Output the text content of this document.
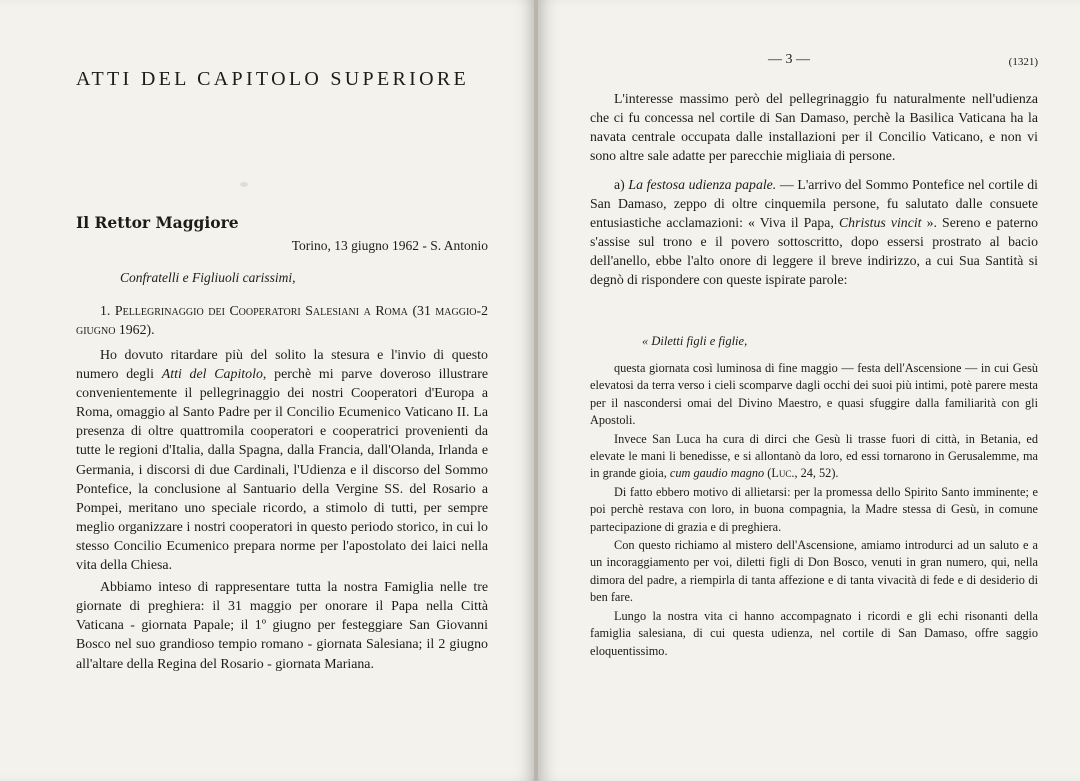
ATTI DEL CAPITOLO SUPERIORE
Il Rettor Maggiore
Torino, 13 giugno 1962 - S. Antonio
Confratelli e Figliuoli carissimi,
1. Pellegrinaggio dei Cooperatori Salesiani a Roma (31 maggio-2 giugno 1962).

Ho dovuto ritardare più del solito la stesura e l'invio di questo numero degli Atti del Capitolo, perchè mi parve doveroso illustrare convenientemente il pellegrinaggio dei nostri Cooperatori d'Europa a Roma, omaggio al Santo Padre per il Concilio Ecumenico Vaticano II. La presenza di oltre quattromila cooperatori e cooperatrici provenienti da tutte le regioni d'Italia, dalla Spagna, dalla Francia, dall'Olanda, Irlanda e Germania, i discorsi di due Cardinali, l'Udienza e il discorso del Sommo Pontefice, la conclusione al Santuario della Vergine SS. del Rosario a Pompei, meritano uno speciale ricordo, a stimolo di tutti, per sempre meglio organizzare i nostri cooperatori in questo periodo storico, in cui lo stesso Concilio Ecumenico prepara norme per l'apostolato dei laici nella vita della Chiesa.

Abbiamo inteso di rappresentare tutta la nostra Famiglia nelle tre giornate di preghiera: il 31 maggio per onorare il Papa nella Città Vaticana - giornata Papale; il 1º giugno per festeggiare San Giovanni Bosco nel suo grandioso tempio romano - giornata Salesiana; il 2 giugno all'altare della Regina del Rosario - giornata Mariana.

— 3 —	(1321)

L'interesse massimo però del pellegrinaggio fu naturalmente nell'udienza che ci fu concessa nel cortile di San Damaso, perchè la Basilica Vaticana ha la navata centrale occupata dalle installazioni per il Concilio Vaticano, e non vi sono altre sale adatte per parecchie migliaia di persone.

a) La festosa udienza papale. — L'arrivo del Sommo Pontefice nel cortile di San Damaso, zeppo di oltre cinquemila persone, fu salutato dalle consuete entusiastiche acclamazioni: « Viva il Papa, Christus vincit ». Sereno e paterno s'assise sul trono e il povero sottoscritto, dopo essersi prostrato al bacio dell'anello, ebbe l'alto onore di leggere il breve indirizzo, a cui Sua Santità si degnò di rispondere con queste ispirate parole:

« Diletti figli e figlie,

questa giornata così luminosa di fine maggio — festa dell'Ascensione — in cui Gesù elevatosi da terra verso i cieli scomparve dagli occhi dei suoi più intimi, potè parere mesta per il nascondersi omai del Divino Maestro, e quasi sfuggire dalla familiarità con gli Apostoli.

Invece San Luca ha cura di dirci che Gesù li trasse fuori di città, in Betania, ed elevate le mani li benedisse, e si allontanò da loro, ed essi tornarono in Gerusalemme, ma in grande gioia, cum gaudio magno (Luc., 24, 52).

Di fatto ebbero motivo di allietarsi: per la promessa dello Spirito Santo imminente; e poi perchè restava con loro, in buona compagnia, la Madre stessa di Gesù, in comune partecipazione di grazia e di preghiera.

Con questo richiamo al mistero dell'Ascensione, amiamo introdurci ad un saluto e a un incoraggiamento per voi, diletti figli di Don Bosco, venuti in gran numero, qui, nella dimora del padre, a riempirla di tanta affezione e di tanta vivacità di fede e di desiderio di ben fare.

Lungo la nostra vita ci hanno accompagnato i ricordi e gli echi risonanti della famiglia salesiana, di cui questa udienza, nel cortile di San Damaso, offre saggio eloquentissimo.
